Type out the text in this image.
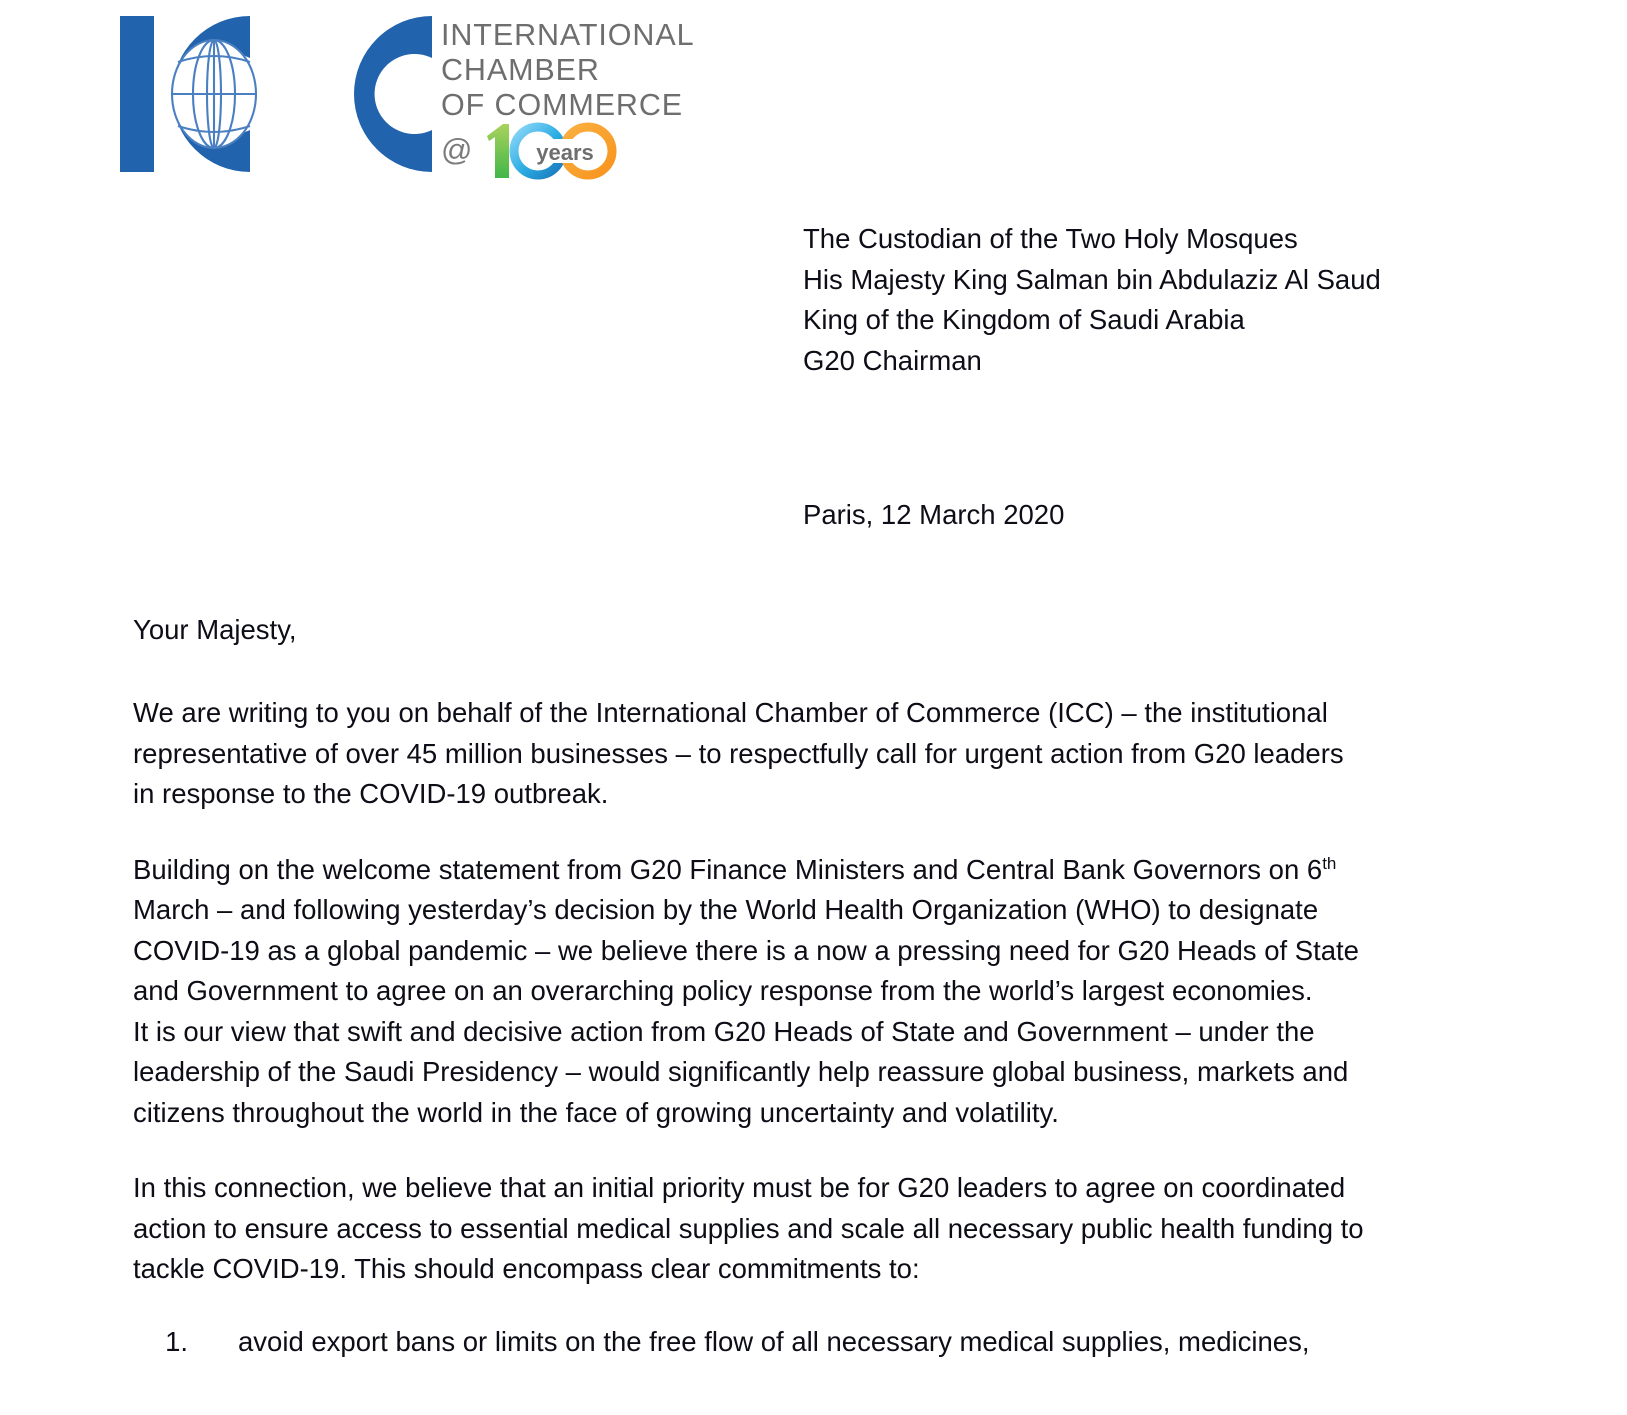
INTERNATIONAL
CHAMBER
OF COMMERCE
@	years
The Custodian of the Two Holy Mosques
His Majesty King Salman bin Abdulaziz Al Saud
King of the Kingdom of Saudi Arabia
G20 Chairman
Paris, 12 March 2020
Your Majesty,

We are writing to you on behalf of the International Chamber of Commerce (ICC) – the institutional
representative of over 45 million businesses – to respectfully call for urgent action from G20 leaders
in response to the COVID-19 outbreak.

Building on the welcome statement from G20 Finance Ministers and Central Bank Governors on 6th
March – and following yesterday’s decision by the World Health Organization (WHO) to designate
COVID-19 as a global pandemic – we believe there is a now a pressing need for G20 Heads of State
and Government to agree on an overarching policy response from the world’s largest economies.
It is our view that swift and decisive action from G20 Heads of State and Government – under the
leadership of the Saudi Presidency – would significantly help reassure global business, markets and
citizens throughout the world in the face of growing uncertainty and volatility.

In this connection, we believe that an initial priority must be for G20 leaders to agree on coordinated
action to ensure access to essential medical supplies and scale all necessary public health funding to
tackle COVID-19. This should encompass clear commitments to:

1.	avoid export bans or limits on the free flow of all necessary medical supplies, medicines,
